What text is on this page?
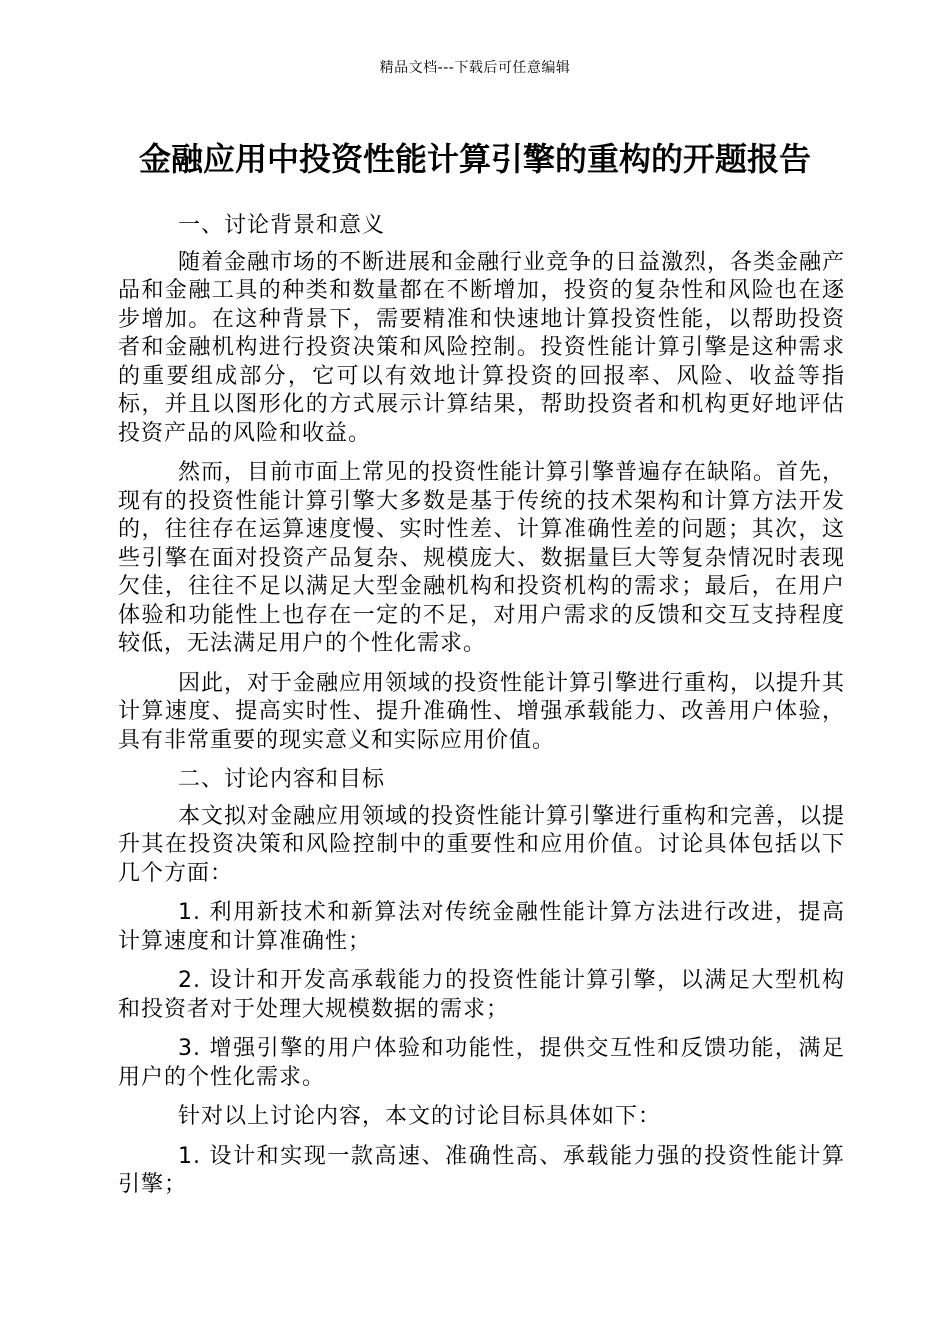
精品文档---下载后可任意编辑
金融应用中投资性能计算引擎的重构的开题报告

一、讨论背景和意义

随着金融市场的不断进展和金融行业竞争的日益激烈，各类金融产品和金融工具的种类和数量都在不断增加，投资的复杂性和风险也在逐步增加。在这种背景下，需要精准和快速地计算投资性能，以帮助投资者和金融机构进行投资决策和风险控制。投资性能计算引擎是这种需求的重要组成部分，它可以有效地计算投资的回报率、风险、收益等指标，并且以图形化的方式展示计算结果，帮助投资者和机构更好地评估投资产品的风险和收益。

然而，目前市面上常见的投资性能计算引擎普遍存在缺陷。首先，现有的投资性能计算引擎大多数是基于传统的技术架构和计算方法开发的，往往存在运算速度慢、实时性差、计算准确性差的问题；其次，这些引擎在面对投资产品复杂、规模庞大、数据量巨大等复杂情况时表现欠佳，往往不足以满足大型金融机构和投资机构的需求；最后，在用户体验和功能性上也存在一定的不足，对用户需求的反馈和交互支持程度较低，无法满足用户的个性化需求。

因此，对于金融应用领域的投资性能计算引擎进行重构，以提升其计算速度、提高实时性、提升准确性、增强承载能力、改善用户体验，具有非常重要的现实意义和实际应用价值。

二、讨论内容和目标

本文拟对金融应用领域的投资性能计算引擎进行重构和完善，以提升其在投资决策和风险控制中的重要性和应用价值。讨论具体包括以下几个方面：

1. 利用新技术和新算法对传统金融性能计算方法进行改进，提高计算速度和计算准确性；

2. 设计和开发高承载能力的投资性能计算引擎，以满足大型机构和投资者对于处理大规模数据的需求；

3. 增强引擎的用户体验和功能性，提供交互性和反馈功能，满足用户的个性化需求。

针对以上讨论内容，本文的讨论目标具体如下：

1. 设计和实现一款高速、准确性高、承载能力强的投资性能计算引擎；
